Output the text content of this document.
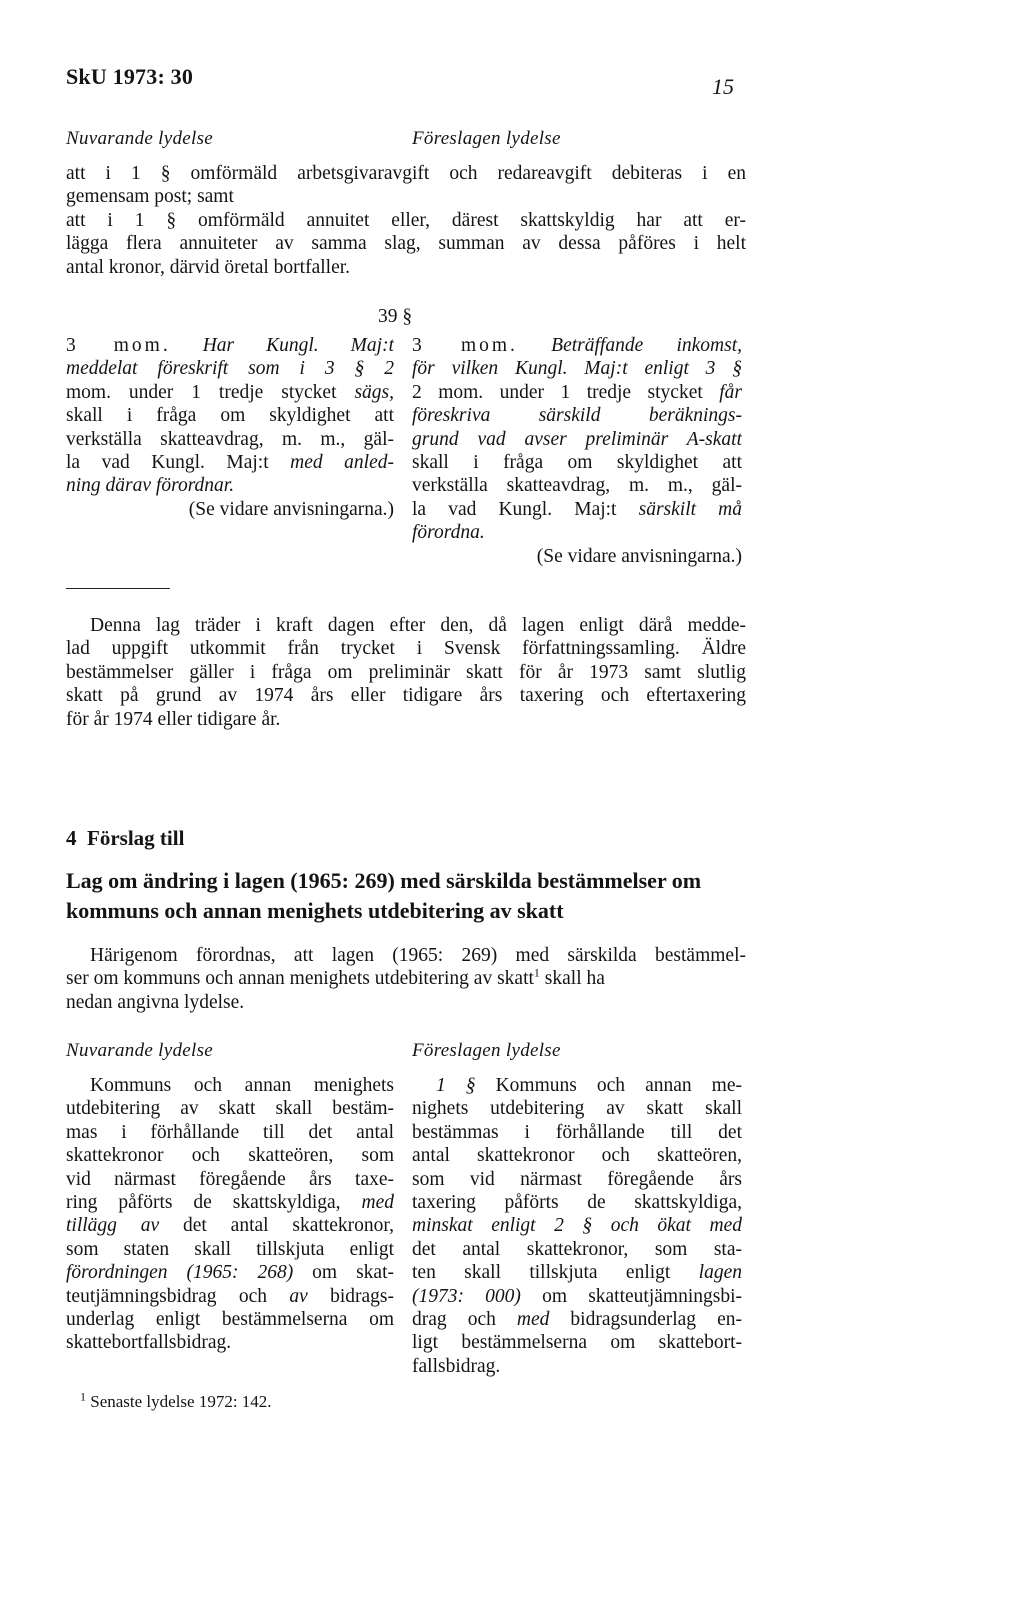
SkU 1973: 30	15
Nuvarande lydelse	Föreslagen lydelse
att i 1 § omförmäld arbetsgivaravgift och redareavgift debiteras i en
gemensam post; samt
att i 1 § omförmäld annuitet eller, därest skattskyldig har att er-
lägga flera annuiteter av samma slag, summan av dessa påföres i helt
antal kronor, därvid öretal bortfaller.
39 §
3 mom. Har Kungl. Maj:t
meddelat föreskrift som i 3 § 2
mom. under 1 tredje stycket sägs,
skall i fråga om skyldighet att
verkställa skatteavdrag, m. m., gäl-
la vad Kungl. Maj:t med anled-
ning därav förordnar.
(Se vidare anvisningarna.)
3 mom. Beträffande inkomst,
för vilken Kungl. Maj:t enligt 3 §
2 mom. under 1 tredje stycket får
föreskriva särskild beräknings-
grund vad avser preliminär A-skatt
skall i fråga om skyldighet att
verkställa skatteavdrag, m. m., gäl-
la vad Kungl. Maj:t särskilt må
förordna.
(Se vidare anvisningarna.)
Denna lag träder i kraft dagen efter den, då lagen enligt därå medde-
lad uppgift utkommit från trycket i Svensk författningssamling. Äldre
bestämmelser gäller i fråga om preliminär skatt för år 1973 samt slutlig
skatt på grund av 1974 års eller tidigare års taxering och eftertaxering
för år 1974 eller tidigare år.
4 Förslag till
Lag om ändring i lagen (1965: 269) med särskilda bestämmelser om
kommuns och annan menighets utdebitering av skatt
Härigenom förordnas, att lagen (1965: 269) med särskilda bestämmel-
ser om kommuns och annan menighets utdebitering av skatt$^1$ skall ha
nedan angivna lydelse.
Nuvarande lydelse	Föreslagen lydelse
Kommuns och annan menighets
utdebitering av skatt skall bestäm-
mas i förhållande till det antal
skattekronor och skatteören, som
vid närmast föregående års taxe-
ring påförts de skattskyldiga, med
tillägg av det antal skattekronor,
som staten skall tillskjuta enligt
förordningen (1965: 268) om skat-
teutjämningsbidrag och av bidrags-
underlag enligt bestämmelserna om
skattebortfallsbidrag.
1 § Kommuns och annan me-
nighets utdebitering av skatt skall
bestämmas i förhållande till det
antal skattekronor och skatteören,
som vid närmast föregående års
taxering påförts de skattskyldiga,
minskat enligt 2 § och ökat med
det antal skattekronor, som sta-
ten skall tillskjuta enligt lagen
(1973: 000) om skatteutjämningsbi-
drag och med bidragsunderlag en-
ligt bestämmelserna om skattebort-
fallsbidrag.
$^1$ Senaste lydelse 1972: 142.
